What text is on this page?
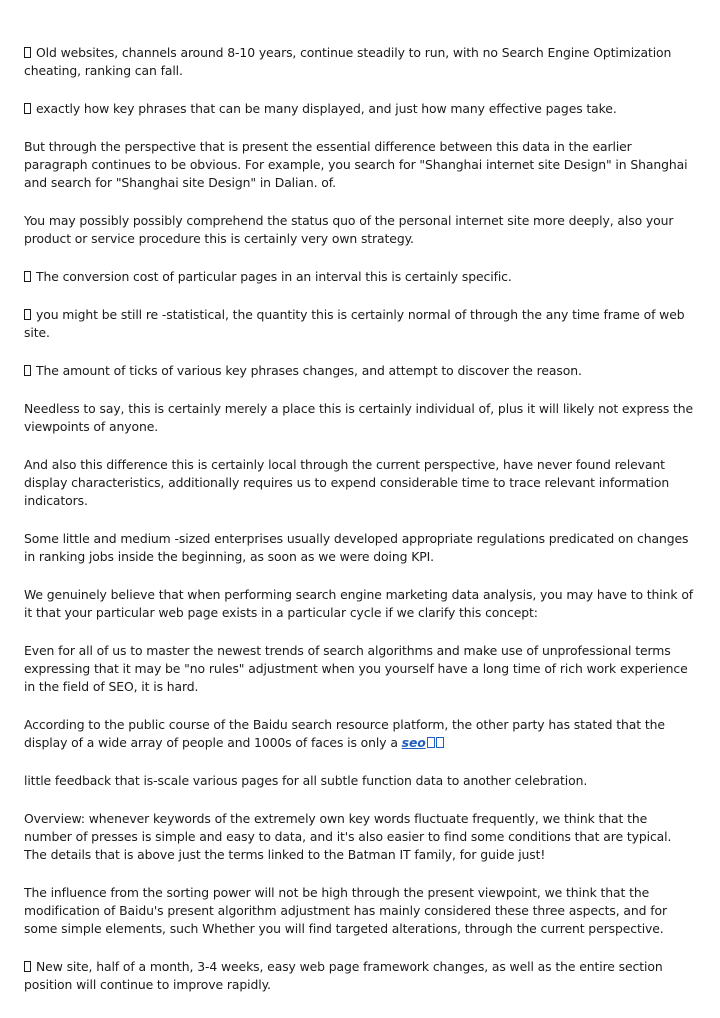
Old websites, channels around 8-10 years, continue steadily to run, with no Search Engine Optimization cheating, ranking can fall.

exactly how key phrases that can be many displayed, and just how many effective pages take.

But through the perspective that is present the essential difference between this data in the earlier paragraph continues to be obvious. For example, you search for "Shanghai internet site Design" in Shanghai and search for "Shanghai site Design" in Dalian. of.

You may possibly possibly comprehend the status quo of the personal internet site more deeply, also your product or service procedure this is certainly very own strategy.

The conversion cost of particular pages in an interval this is certainly specific.

you might be still re -statistical, the quantity this is certainly normal of through the any time frame of web site.

The amount of ticks of various key phrases changes, and attempt to discover the reason.

Needless to say, this is certainly merely a place this is certainly individual of, plus it will likely not express the viewpoints of anyone.

And also this difference this is certainly local through the current perspective, have never found relevant display characteristics, additionally requires us to expend considerable time to trace relevant information indicators.

Some little and medium -sized enterprises usually developed appropriate regulations predicated on changes in ranking jobs inside the beginning, as soon as we were doing KPI.

We genuinely believe that when performing search engine marketing data analysis, you may have to think of it that your particular web page exists in a particular cycle if we clarify this concept:

Even for all of us to master the newest trends of search algorithms and make use of unprofessional terms expressing that it may be "no rules" adjustment when you yourself have a long time of rich work experience in the field of SEO, it is hard.

According to the public course of the Baidu search resource platform, the other party has stated that the display of a wide array of people and 1000s of faces is only a seo

little feedback that is-scale various pages for all subtle function data to another celebration.

Overview: whenever keywords of the extremely own key words fluctuate frequently, we think that the number of presses is simple and easy to data, and it's also easier to find some conditions that are typical. The details that is above just the terms linked to the Batman IT family, for guide just!

The influence from the sorting power will not be high through the present viewpoint, we think that the modification of Baidu's present algorithm adjustment has mainly considered these three aspects, and for some simple elements, such Whether you will find targeted alterations, through the current perspective.

New site, half of a month, 3-4 weeks, easy web page framework changes, as well as the entire section position will continue to improve rapidly.
